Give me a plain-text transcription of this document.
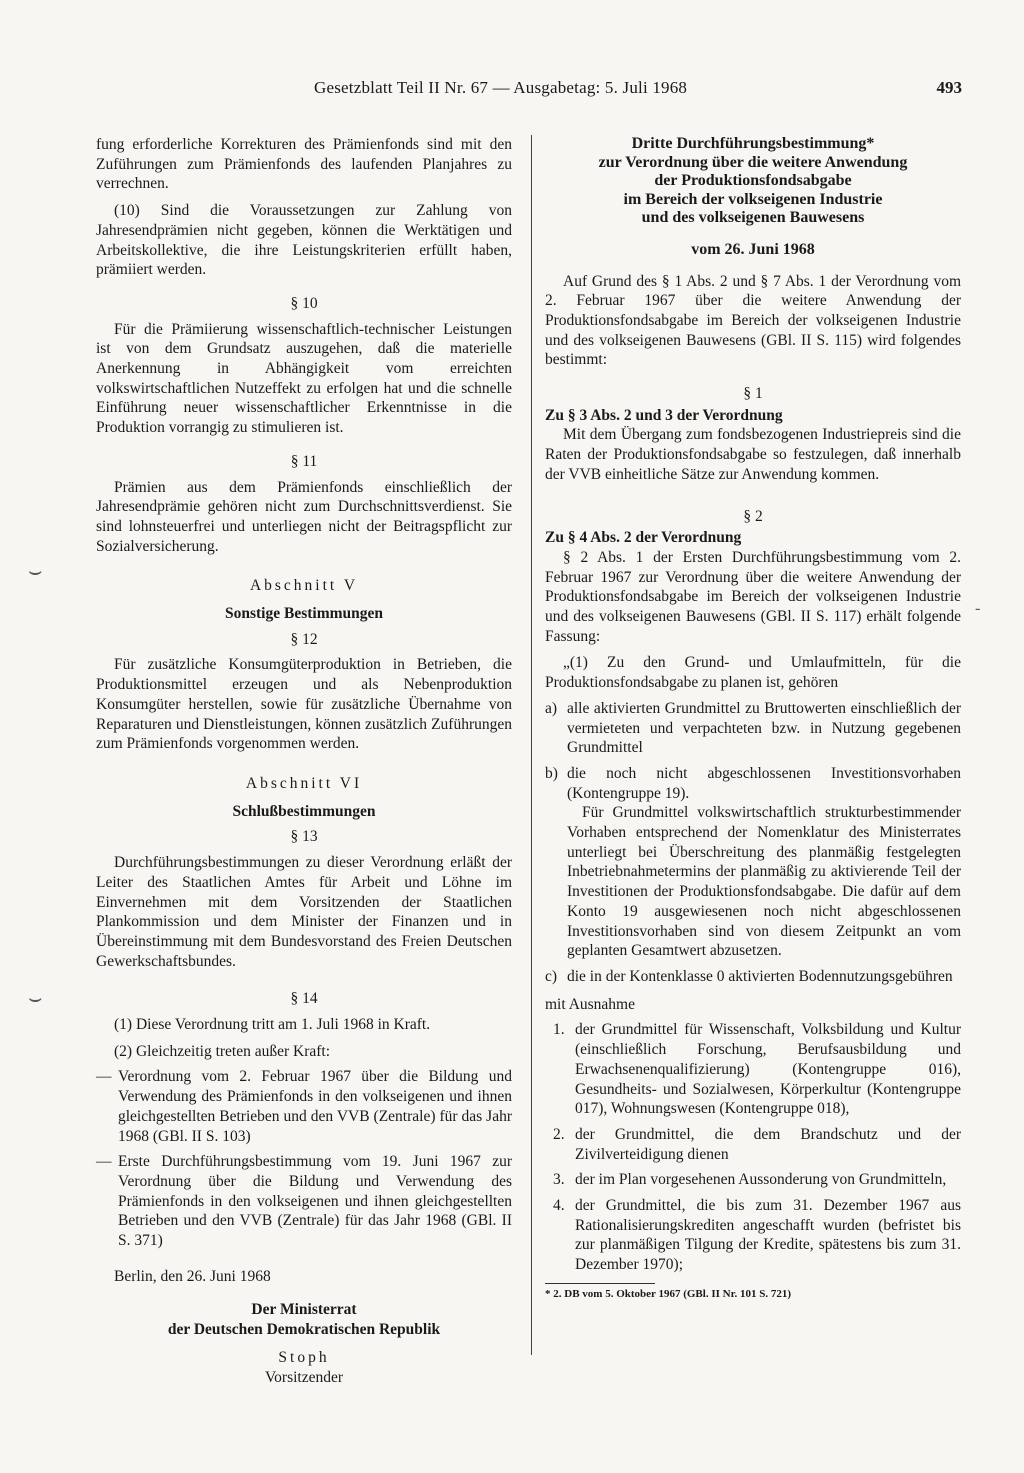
Gesetzblatt Teil II Nr. 67 — Ausgabetag: 5. Juli 1968	493
⌣
⌣
-

fung erforderliche Korrekturen des Prämienfonds sind mit den Zuführungen zum Prämienfonds des laufenden Planjahres zu verrechnen.

(10) Sind die Voraussetzungen zur Zahlung von Jahresendprämien nicht gegeben, können die Werktätigen und Arbeitskollektive, die ihre Leistungskriterien erfüllt haben, prämiiert werden.

§ 10

Für die Prämiierung wissenschaftlich-technischer Leistungen ist von dem Grundsatz auszugehen, daß die materielle Anerkennung in Abhängigkeit vom erreichten volkswirtschaftlichen Nutzeffekt zu erfolgen hat und die schnelle Einführung neuer wissenschaftlicher Erkenntnisse in die Produktion vorrangig zu stimulieren ist.

§ 11

Prämien aus dem Prämienfonds einschließlich der Jahresendprämie gehören nicht zum Durchschnittsverdienst. Sie sind lohnsteuerfrei und unterliegen nicht der Beitragspflicht zur Sozialversicherung.

Abschnitt V
Sonstige Bestimmungen
§ 12

Für zusätzliche Konsumgüterproduktion in Betrieben, die Produktionsmittel erzeugen und als Nebenproduktion Konsumgüter herstellen, sowie für zusätzliche Übernahme von Reparaturen und Dienstleistungen, können zusätzlich Zuführungen zum Prämienfonds vorgenommen werden.

Abschnitt VI
Schlußbestimmungen
§ 13

Durchführungsbestimmungen zu dieser Verordnung erläßt der Leiter des Staatlichen Amtes für Arbeit und Löhne im Einvernehmen mit dem Vorsitzenden der Staatlichen Plankommission und dem Minister der Finanzen und in Übereinstimmung mit dem Bundesvorstand des Freien Deutschen Gewerkschaftsbundes.

§ 14

(1) Diese Verordnung tritt am 1. Juli 1968 in Kraft.

(2) Gleichzeitig treten außer Kraft:

— Verordnung vom 2. Februar 1967 über die Bildung und Verwendung des Prämienfonds in den volkseigenen und ihnen gleichgestellten Betrieben und den VVB (Zentrale) für das Jahr 1968 (GBl. II S. 103)
— Erste Durchführungsbestimmung vom 19. Juni 1967 zur Verordnung über die Bildung und Verwendung des Prämienfonds in den volkseigenen und ihnen gleichgestellten Betrieben und den VVB (Zentrale) für das Jahr 1968 (GBl. II S. 371)
Berlin, den 26. Juni 1968
Der Ministerrat
der Deutschen Demokratischen Republik
Stoph
Vorsitzender
Dritte Durchführungsbestimmung*
zur Verordnung über die weitere Anwendung
der Produktionsfondsabgabe
im Bereich der volkseigenen Industrie
und des volkseigenen Bauwesens
vom 26. Juni 1968

Auf Grund des § 1 Abs. 2 und § 7 Abs. 1 der Verordnung vom 2. Februar 1967 über die weitere Anwendung der Produktionsfondsabgabe im Bereich der volkseigenen Industrie und des volkseigenen Bauwesens (GBl. II S. 115) wird folgendes bestimmt:

§ 1
Zu § 3 Abs. 2 und 3 der Verordnung

Mit dem Übergang zum fondsbezogenen Industriepreis sind die Raten der Produktionsfondsabgabe so festzulegen, daß innerhalb der VVB einheitliche Sätze zur Anwendung kommen.

§ 2
Zu § 4 Abs. 2 der Verordnung

§ 2 Abs. 1 der Ersten Durchführungsbestimmung vom 2. Februar 1967 zur Verordnung über die weitere Anwendung der Produktionsfondsabgabe im Bereich der volkseigenen Industrie und des volkseigenen Bauwesens (GBl. II S. 117) erhält folgende Fassung:

„(1) Zu den Grund- und Umlaufmitteln, für die Produktionsfondsabgabe zu planen ist, gehören

a) alle aktivierten Grundmittel zu Bruttowerten einschließlich der vermieteten und verpachteten bzw. in Nutzung gegebenen Grundmittel
b) die noch nicht abgeschlossenen Investitionsvorhaben (Kontengruppe 19).
Für Grundmittel volkswirtschaftlich strukturbestimmender Vorhaben entsprechend der Nomenklatur des Ministerrates unterliegt bei Überschreitung des planmäßig festgelegten Inbetriebnahmetermins der planmäßig zu aktivierende Teil der Investitionen der Produktionsfondsabgabe. Die dafür auf dem Konto 19 ausgewiesenen noch nicht abgeschlossenen Investitionsvorhaben sind von diesem Zeitpunkt an vom geplanten Gesamtwert abzusetzen.
c) die in der Kontenklasse 0 aktivierten Bodennutzungsgebühren

mit Ausnahme

1. der Grundmittel für Wissenschaft, Volksbildung und Kultur (einschließlich Forschung, Berufsausbildung und Erwachsenenqualifizierung) (Kontengruppe 016), Gesundheits- und Sozialwesen, Körperkultur (Kontengruppe 017), Wohnungswesen (Kontengruppe 018),
2. der Grundmittel, die dem Brandschutz und der Zivilverteidigung dienen
3. der im Plan vorgesehenen Aussonderung von Grundmitteln,
4. der Grundmittel, die bis zum 31. Dezember 1967 aus Rationalisierungskrediten angeschafft wurden (befristet bis zur planmäßigen Tilgung der Kredite, spätestens bis zum 31. Dezember 1970);
* 2. DB vom 5. Oktober 1967 (GBl. II Nr. 101 S. 721)
